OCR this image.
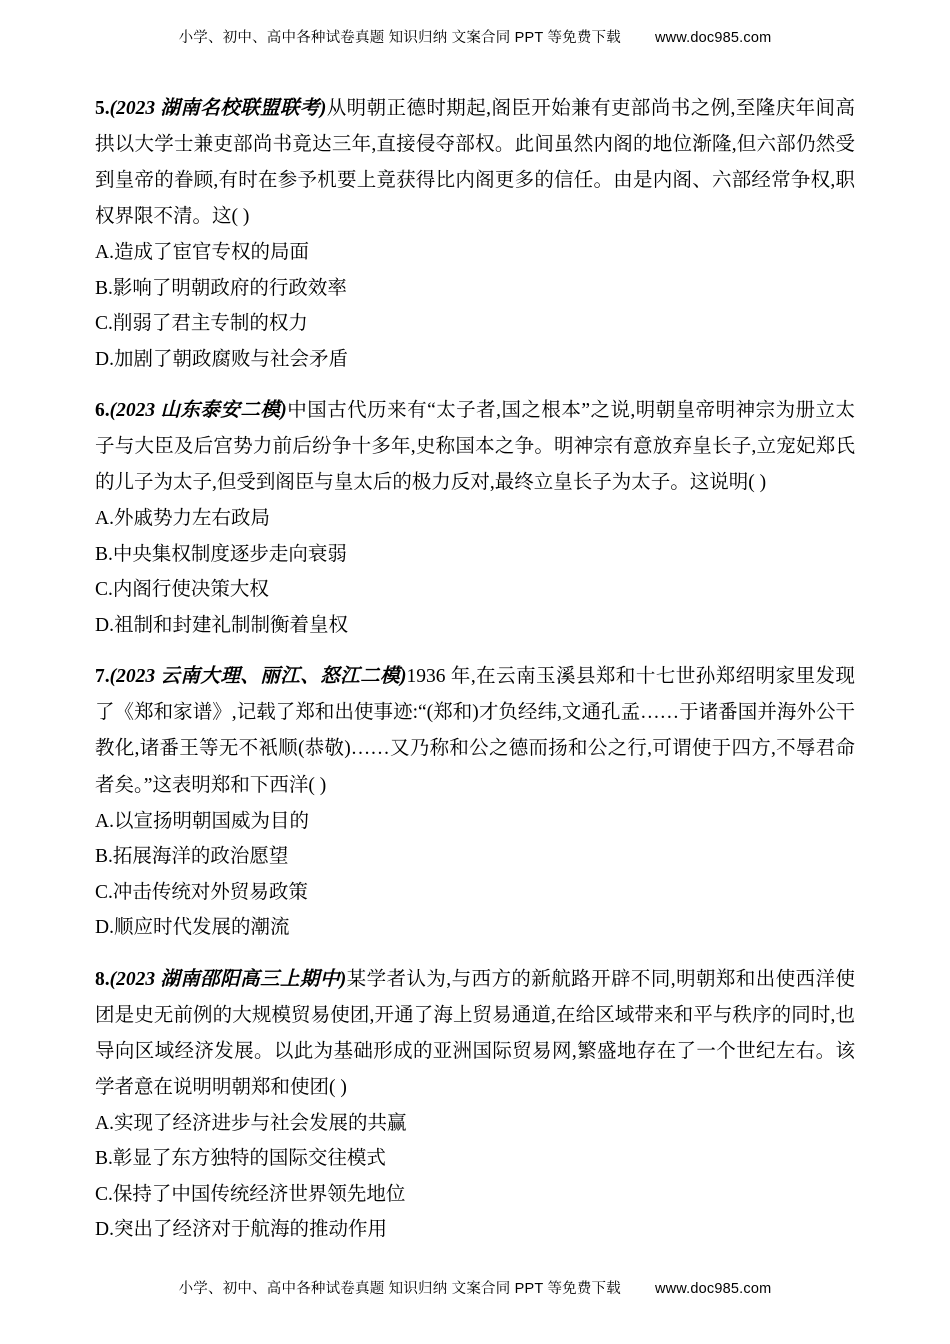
小学、初中、高中各种试卷真题 知识归纳 文案合同 PPT 等免费下载 www.doc985.com
5.(2023 湖南名校联盟联考)从明朝正德时期起,阁臣开始兼有吏部尚书之例,至隆庆年间高拱以大学士兼吏部尚书竟达三年,直接侵夺部权。此间虽然内阁的地位渐隆,但六部仍然受到皇帝的眷顾,有时在参予机要上竟获得比内阁更多的信任。由是内阁、六部经常争权,职权界限不清。这( )
A.造成了宦官专权的局面
B.影响了明朝政府的行政效率
C.削弱了君主专制的权力
D.加剧了朝政腐败与社会矛盾
6.(2023 山东泰安二模)中国古代历来有“太子者,国之根本”之说,明朝皇帝明神宗为册立太子与大臣及后宫势力前后纷争十多年,史称国本之争。明神宗有意放弃皇长子,立宠妃郑氏的儿子为太子,但受到阁臣与皇太后的极力反对,最终立皇长子为太子。这说明( )
A.外戚势力左右政局
B.中央集权制度逐步走向衰弱
C.内阁行使决策大权
D.祖制和封建礼制制衡着皇权
7.(2023 云南大理、丽江、怒江二模)1936 年,在云南玉溪县郑和十七世孙郑绍明家里发现了《郑和家谱》,记载了郑和出使事迹:“(郑和)才负经纬,文通孔孟……于诸番国并海外公干教化,诸番王等无不衹顺(恭敬)……又乃称和公之德而扬和公之行,可谓使于四方,不辱君命者矣。”这表明郑和下西洋( )
A.以宣扬明朝国威为目的
B.拓展海洋的政治愿望
C.冲击传统对外贸易政策
D.顺应时代发展的潮流
8.(2023 湖南邵阳高三上期中)某学者认为,与西方的新航路开辟不同,明朝郑和出使西洋使团是史无前例的大规模贸易使团,开通了海上贸易通道,在给区域带来和平与秩序的同时,也导向区域经济发展。以此为基础形成的亚洲国际贸易网,繁盛地存在了一个世纪左右。该学者意在说明明朝郑和使团( )
A.实现了经济进步与社会发展的共赢
B.彰显了东方独特的国际交往模式
C.保持了中国传统经济世界领先地位
D.突出了经济对于航海的推动作用
小学、初中、高中各种试卷真题 知识归纳 文案合同 PPT 等免费下载 www.doc985.com
